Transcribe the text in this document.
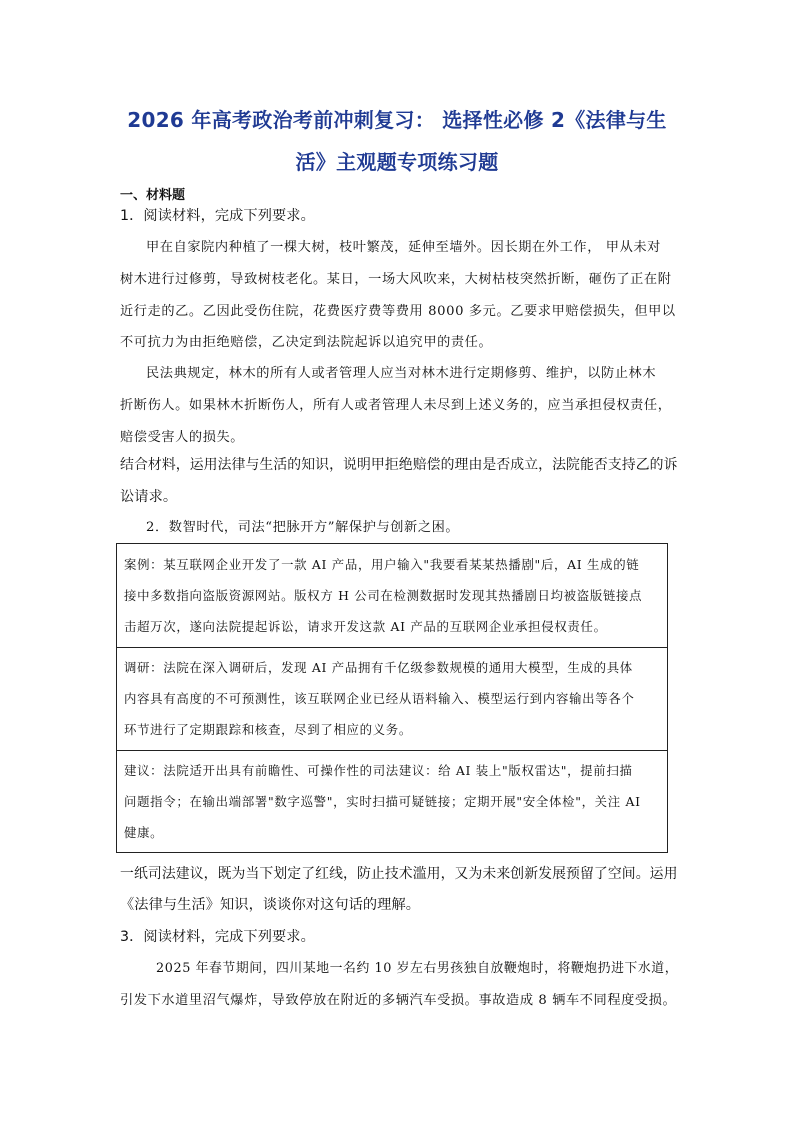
2026 年高考政治考前冲刺复习： 选择性必修 2《法律与生
活》主观题专项练习题
一、材料题
1．阅读材料，完成下列要求。
甲在自家院内种植了一棵大树，枝叶繁茂，延伸至墙外。因长期在外工作， 甲从未对
树木进行过修剪，导致树枝老化。某日，一场大风吹来，大树枯枝突然折断，砸伤了正在附
近行走的乙。乙因此受伤住院，花费医疗费等费用 8000 多元。乙要求甲赔偿损失，但甲以
不可抗力为由拒绝赔偿，乙决定到法院起诉以追究甲的责任。
民法典规定，林木的所有人或者管理人应当对林木进行定期修剪、维护，以防止林木
折断伤人。如果林木折断伤人，所有人或者管理人未尽到上述义务的，应当承担侵权责任，
赔偿受害人的损失。
结合材料，运用法律与生活的知识，说明甲拒绝赔偿的理由是否成立，法院能否支持乙的诉
讼请求。
2．数智时代，司法“把脉开方”解保护与创新之困。
案例：某互联网企业开发了一款 AI 产品，用户输入"我要看某某热播剧"后，AI 生成的链
接中多数指向盗版资源网站。版权方 H 公司在检测数据时发现其热播剧日均被盗版链接点
击超万次，遂向法院提起诉讼，请求开发这款 AI 产品的互联网企业承担侵权责任。
调研：法院在深入调研后，发现 AI 产品拥有千亿级参数规模的通用大模型，生成的具体
内容具有高度的不可预测性，该互联网企业已经从语料输入、模型运行到内容输出等各个
环节进行了定期跟踪和核查，尽到了相应的义务。
建议：法院适开出具有前瞻性、可操作性的司法建议：给 AI 装上"版权雷达"，提前扫描
问题指令；在输出端部署"数字巡警"，实时扫描可疑链接；定期开展"安全体检"，关注 AI
健康。
一纸司法建议，既为当下划定了红线，防止技术滥用，又为未来创新发展预留了空间。运用
《法律与生活》知识，谈谈你对这句话的理解。
3．阅读材料，完成下列要求。
2025 年春节期间，四川某地一名约 10 岁左右男孩独自放鞭炮时，将鞭炮扔进下水道，
引发下水道里沼气爆炸，导致停放在附近的多辆汽车受损。事故造成 8 辆车不同程度受损。
